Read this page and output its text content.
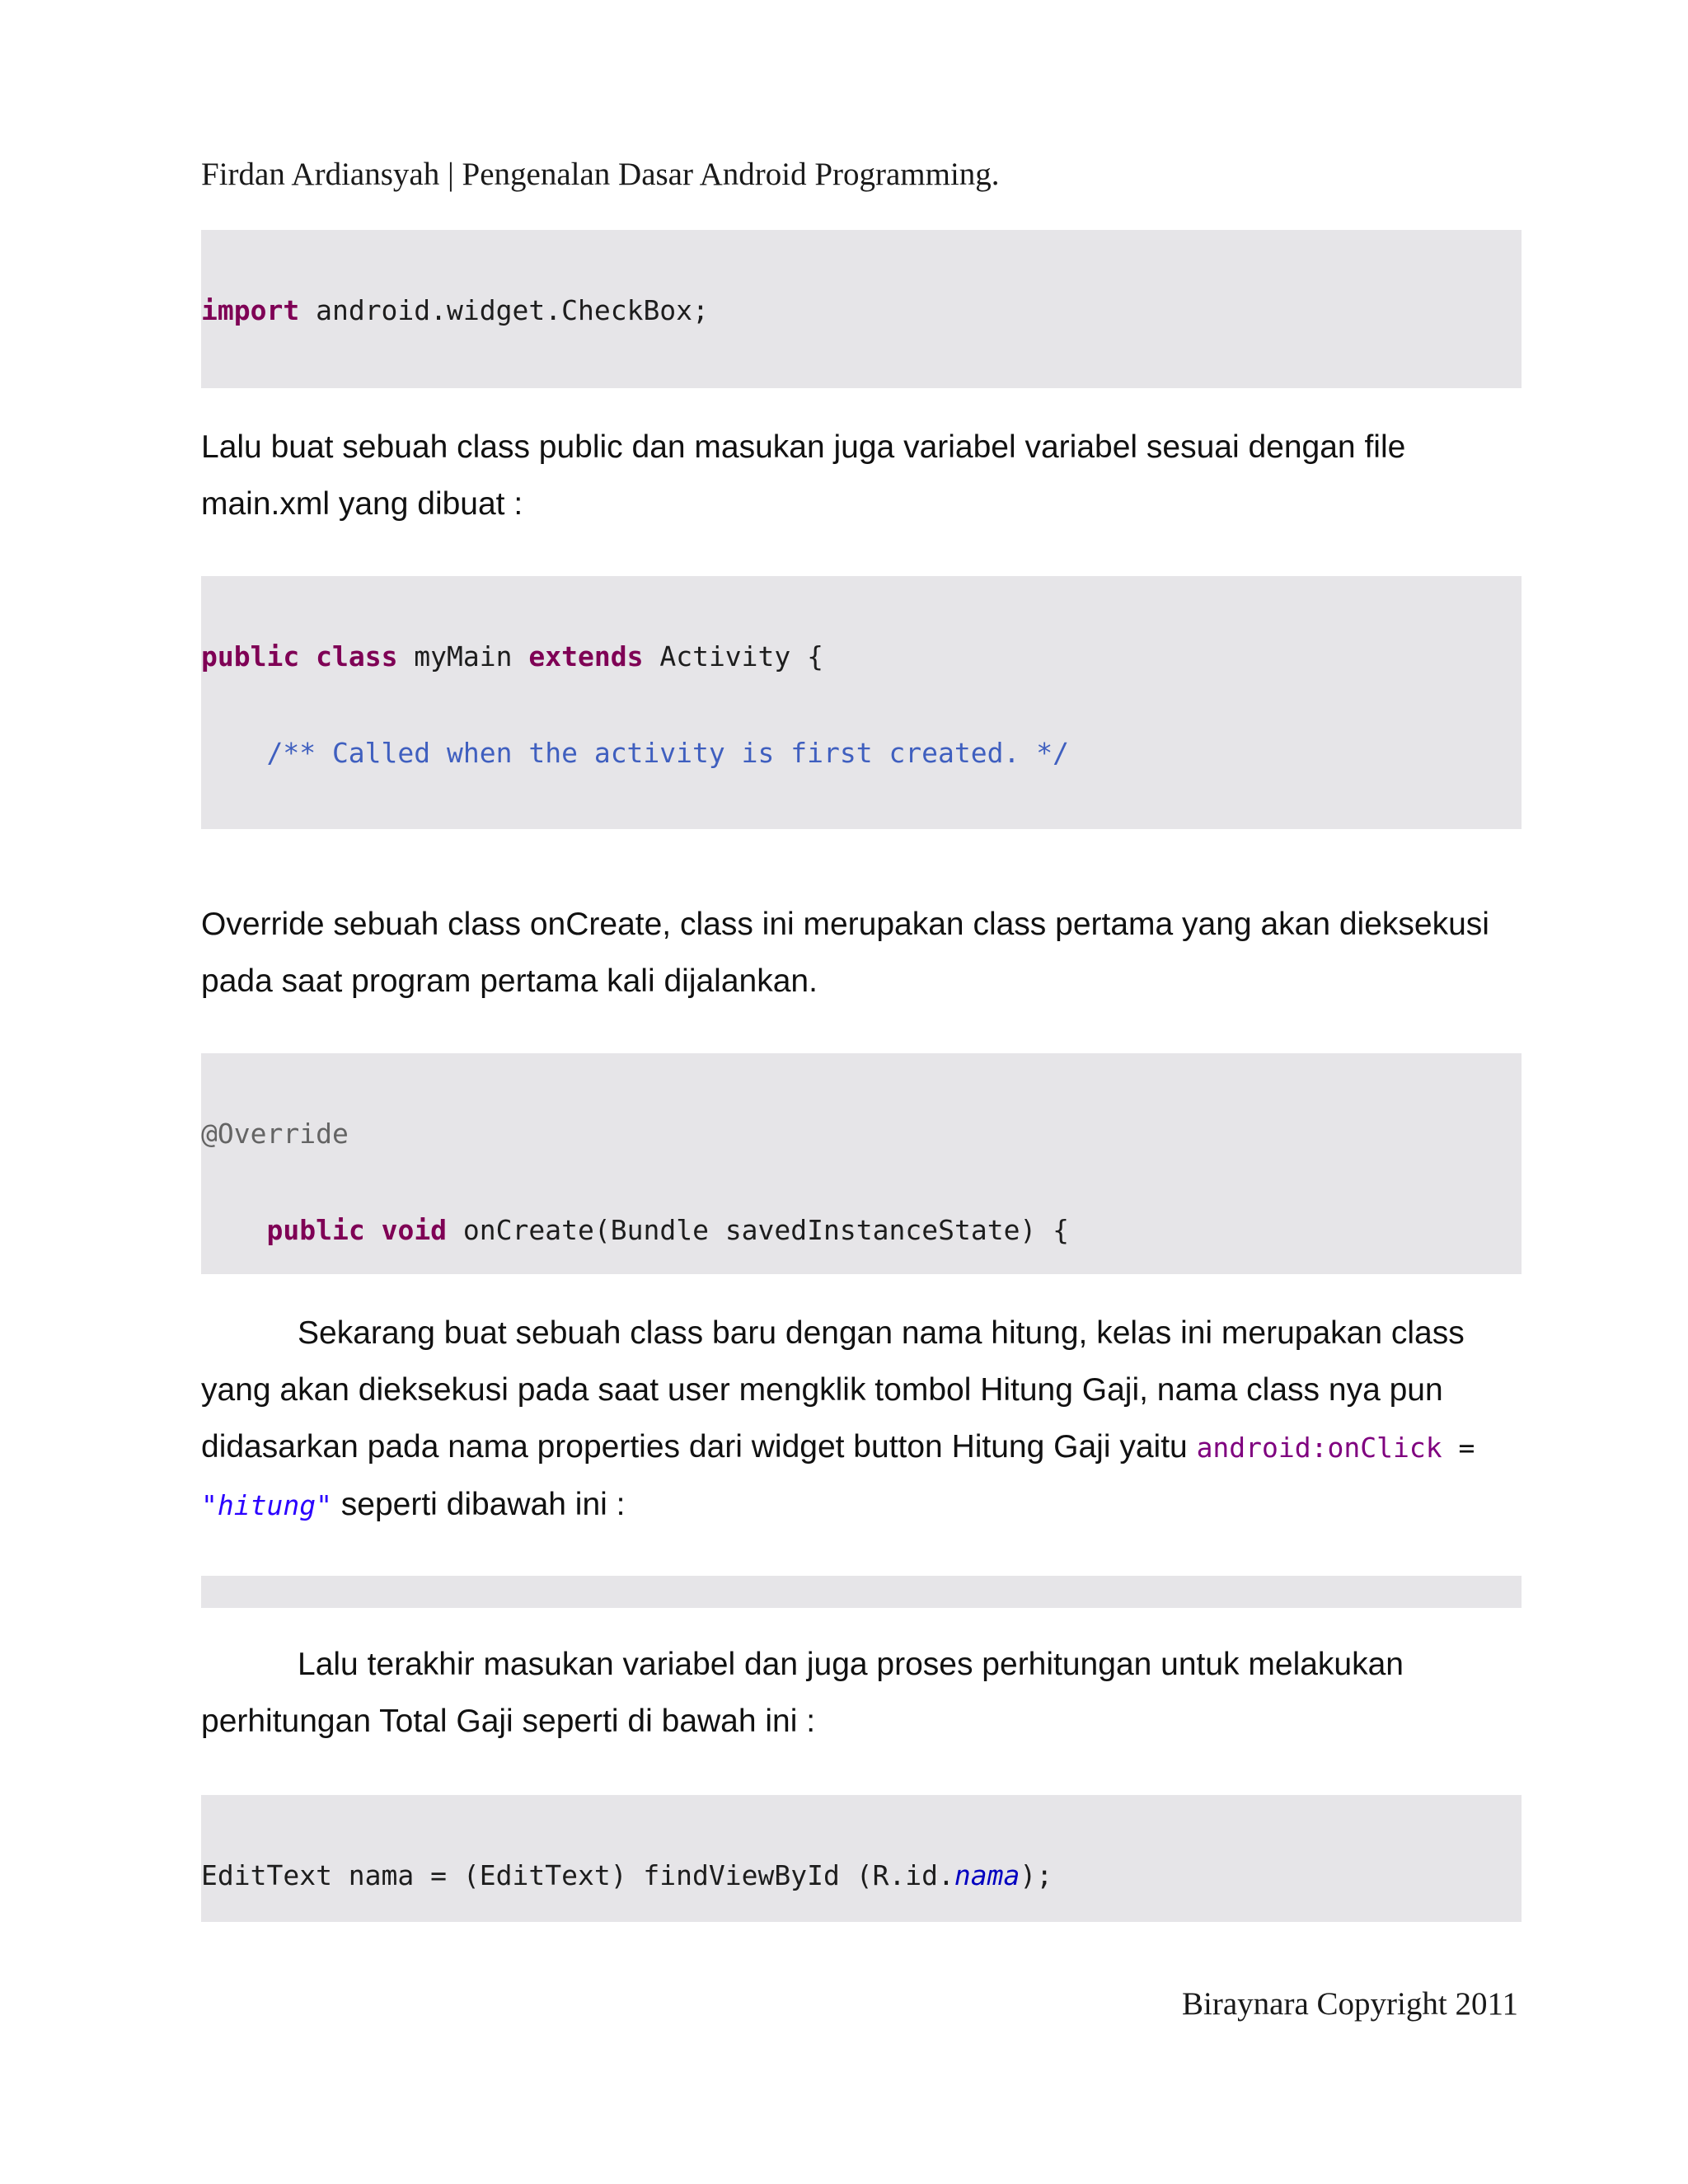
Firdan Ardiansyah | Pengenalan Dasar Android Programming.

import android.widget.CheckBox;

Lalu buat sebuah class public dan masukan juga variabel variabel sesuai dengan file
main.xml yang dibuat :

public class myMain extends Activity {

/** Called when the activity is first created. */

Override sebuah class onCreate, class ini merupakan class pertama yang akan dieksekusi
pada saat program pertama kali dijalankan.

@Override

public void onCreate(Bundle savedInstanceState) {

Sekarang buat sebuah class baru dengan nama hitung, kelas ini merupakan class
yang akan dieksekusi pada saat user mengklik tombol Hitung Gaji, nama class nya pun
didasarkan pada nama properties dari widget button Hitung Gaji yaitu android:onClick =
"hitung" seperti dibawah ini :

Lalu terakhir masukan variabel dan juga proses perhitungan untuk melakukan
perhitungan Total Gaji seperti di bawah ini :

EditText nama = (EditText) findViewById (R.id.nama);

Biraynara Copyright 2011
